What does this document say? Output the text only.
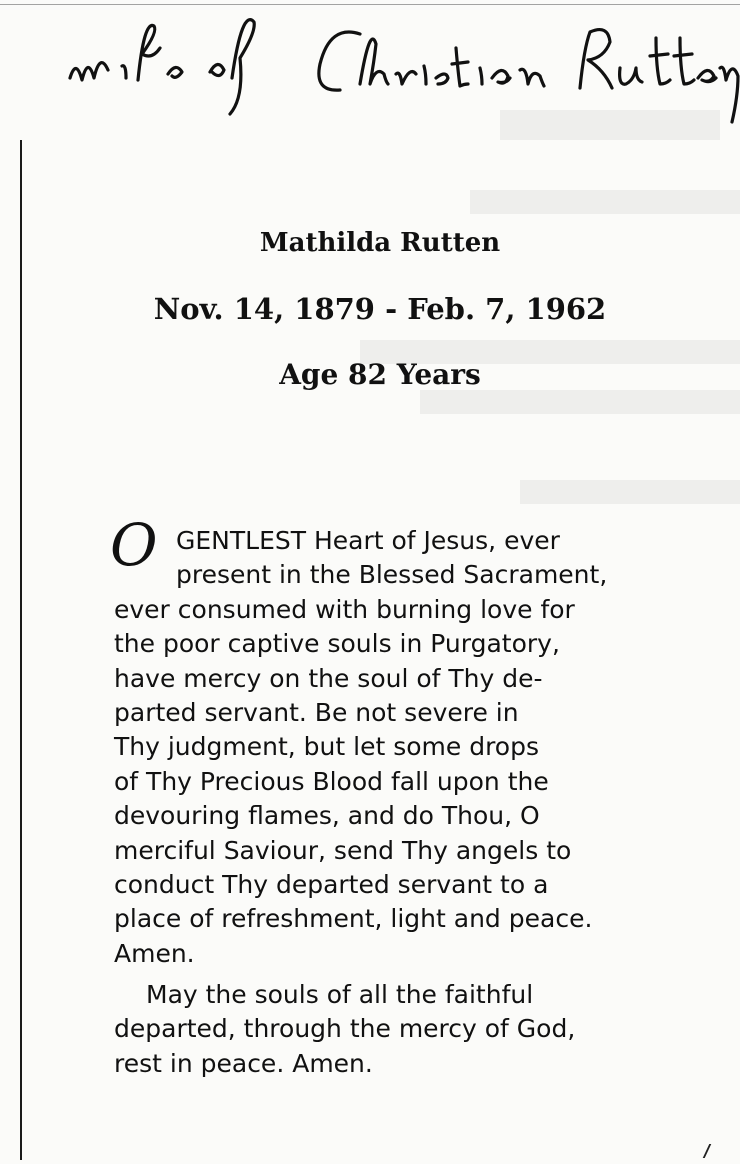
Mathilda Rutten
Nov. 14, 1879 - Feb. 7, 1962
Age 82 Years
O GENTLEST Heart of Jesus, ever
present in the Blessed Sacrament,
ever consumed with burning love for
the poor captive souls in Purgatory,
have mercy on the soul of Thy de-
parted servant. Be not severe in
Thy judgment, but let some drops
of Thy Precious Blood fall upon the
devouring flames, and do Thou, O
merciful Saviour, send Thy angels to
conduct Thy departed servant to a
place of refreshment, light and peace.
Amen.
May the souls of all the faithful
departed, through the mercy of God,
rest in peace. Amen.
